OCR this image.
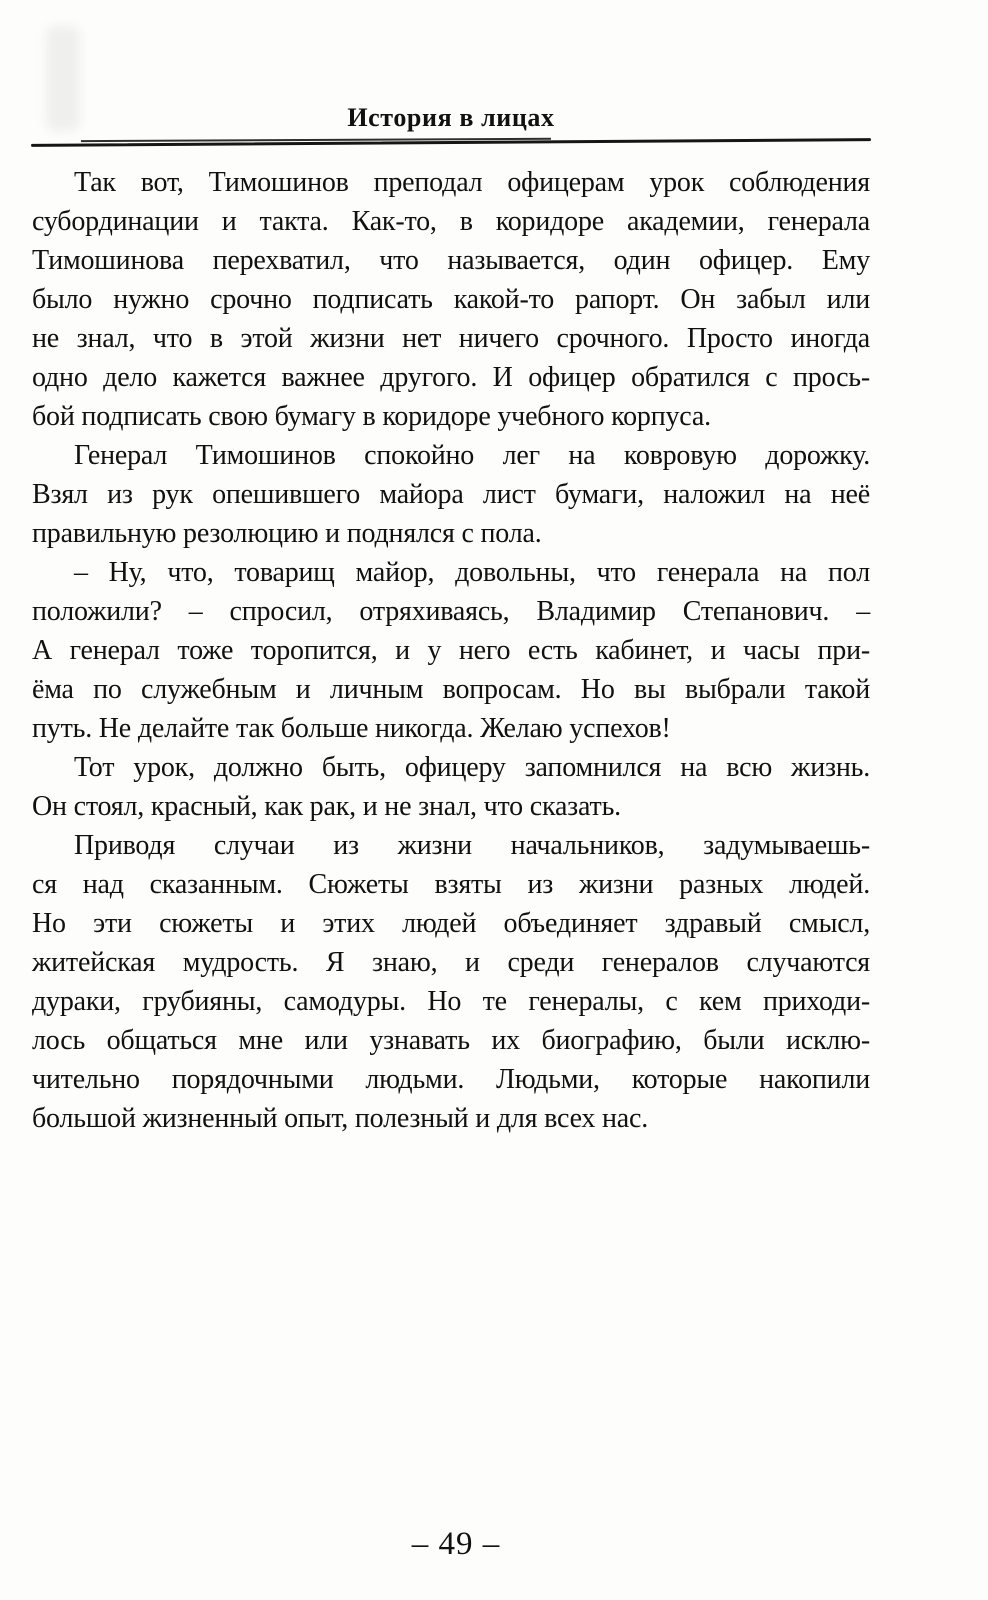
История в лицах
Так вот, Тимошинов преподал офицерам урок соблюдения
субординации и такта. Как-то, в коридоре академии, генерала
Тимошинова перехватил, что называется, один офицер. Ему
было нужно срочно подписать какой-то рапорт. Он забыл или
не знал, что в этой жизни нет ничего срочного. Просто иногда
одно дело кажется важнее другого. И офицер обратился с прось-
бой подписать свою бумагу в коридоре учебного корпуса.
Генерал Тимошинов спокойно лег на ковровую дорожку.
Взял из рук опешившего майора лист бумаги, наложил на неё
правильную резолюцию и поднялся с пола.
– Ну, что, товарищ майор, довольны, что генерала на пол
положили? – спросил, отряхиваясь, Владимир Степанович. –
А генерал тоже торопится, и у него есть кабинет, и часы при-
ёма по служебным и личным вопросам. Но вы выбрали такой
путь. Не делайте так больше никогда. Желаю успехов!
Тот урок, должно быть, офицеру запомнился на всю жизнь.
Он стоял, красный, как рак, и не знал, что сказать.
Приводя случаи из жизни начальников, задумываешь-
ся над сказанным. Сюжеты взяты из жизни разных людей.
Но эти сюжеты и этих людей объединяет здравый смысл,
житейская мудрость. Я знаю, и среди генералов случаются
дураки, грубияны, самодуры. Но те генералы, с кем приходи-
лось общаться мне или узнавать их биографию, были исклю-
чительно порядочными людьми. Людьми, которые накопили
большой жизненный опыт, полезный и для всех нас.
– 49 –
